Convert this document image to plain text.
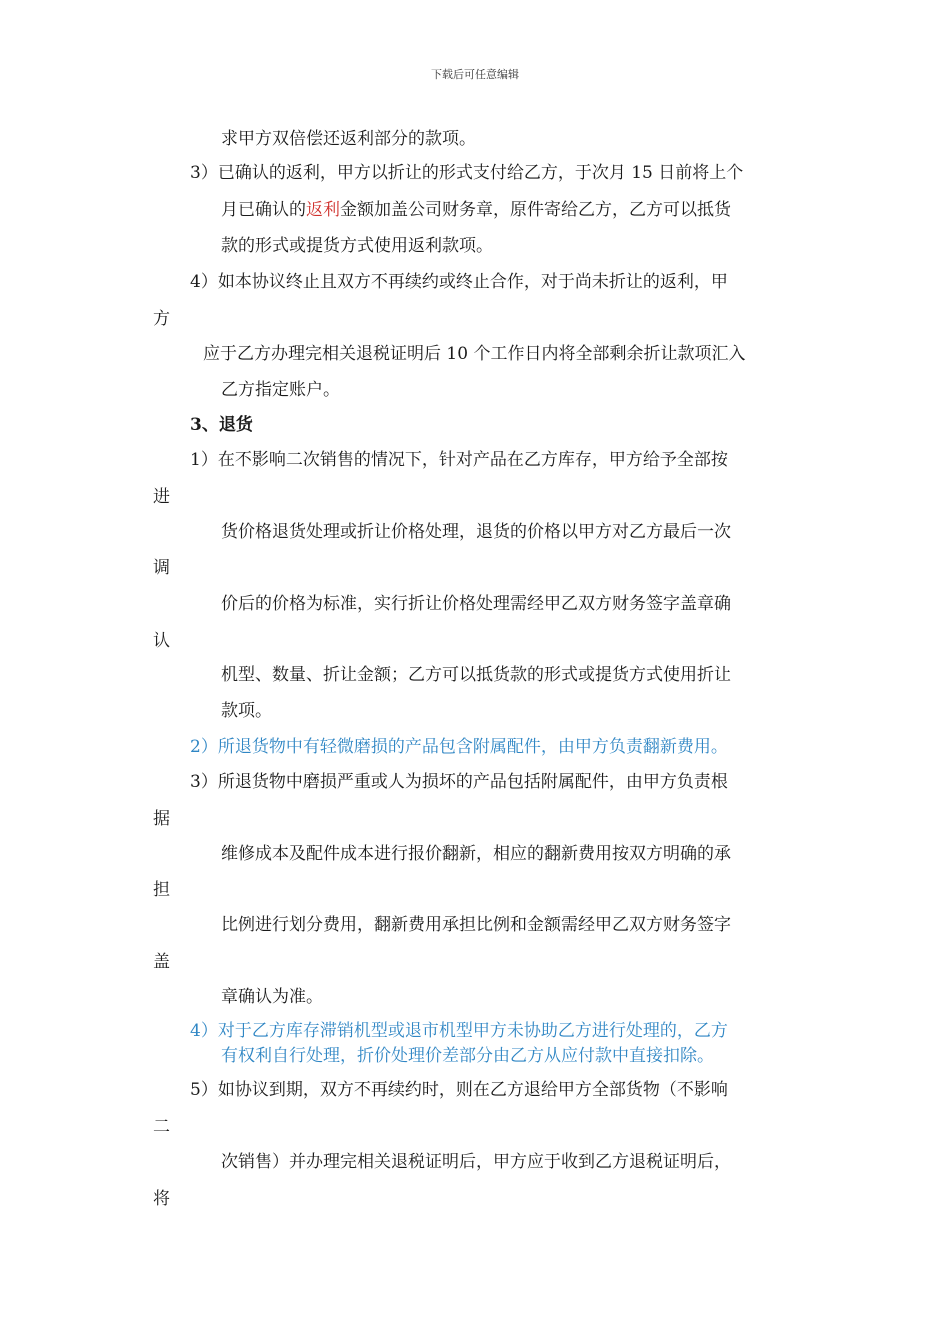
下载后可任意编辑
求甲方双倍偿还返利部分的款项。
3）已确认的返利，甲方以折让的形式支付给乙方，于次月 15 日前将上个
月已确认的返利金额加盖公司财务章，原件寄给乙方，乙方可以抵货
款的形式或提货方式使用返利款项。
4）如本协议终止且双方不再续约或终止合作，对于尚未折让的返利，甲
方
应于乙方办理完相关退税证明后 10 个工作日内将全部剩余折让款项汇入
乙方指定账户。
3、退货
1）在不影响二次销售的情况下，针对产品在乙方库存，甲方给予全部按
进
货价格退货处理或折让价格处理，退货的价格以甲方对乙方最后一次
调
价后的价格为标准，实行折让价格处理需经甲乙双方财务签字盖章确
认
机型、数量、折让金额；乙方可以抵货款的形式或提货方式使用折让
款项。
2）所退货物中有轻微磨损的产品包含附属配件，由甲方负责翻新费用。
3）所退货物中磨损严重或人为损坏的产品包括附属配件，由甲方负责根
据
维修成本及配件成本进行报价翻新，相应的翻新费用按双方明确的承
担
比例进行划分费用，翻新费用承担比例和金额需经甲乙双方财务签字
盖
章确认为准。
4）对于乙方库存滞销机型或退市机型甲方未协助乙方进行处理的，乙方
有权利自行处理，折价处理价差部分由乙方从应付款中直接扣除。
5）如协议到期，双方不再续约时，则在乙方退给甲方全部货物（不影响
二
次销售）并办理完相关退税证明后，甲方应于收到乙方退税证明后，
将
